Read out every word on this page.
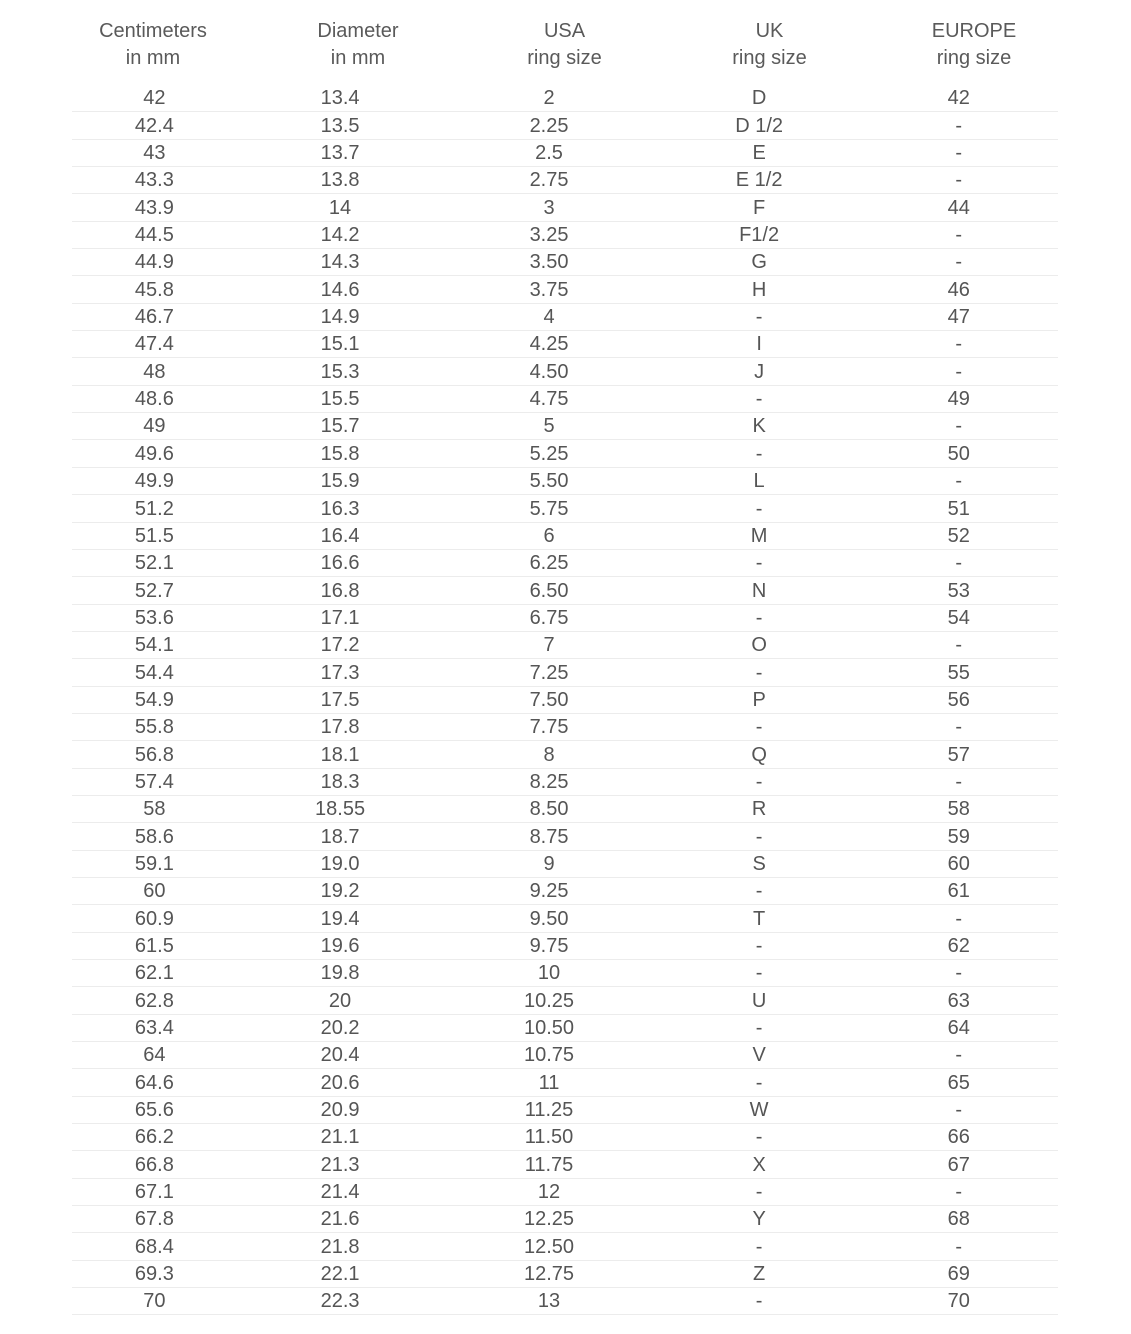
Centimeters
in mm
Diameter
in mm
USA
ring size
UK
ring size
EUROPE
ring size
42	13.4	2	D	42
42.4	13.5	2.25	D 1/2	-
43	13.7	2.5	E	-
43.3	13.8	2.75	E 1/2	-
43.9	14	3	F	44
44.5	14.2	3.25	F1/2	-
44.9	14.3	3.50	G	-
45.8	14.6	3.75	H	46
46.7	14.9	4	-	47
47.4	15.1	4.25	I	-
48	15.3	4.50	J	-
48.6	15.5	4.75	-	49
49	15.7	5	K	-
49.6	15.8	5.25	-	50
49.9	15.9	5.50	L	-
51.2	16.3	5.75	-	51
51.5	16.4	6	M	52
52.1	16.6	6.25	-	-
52.7	16.8	6.50	N	53
53.6	17.1	6.75	-	54
54.1	17.2	7	O	-
54.4	17.3	7.25	-	55
54.9	17.5	7.50	P	56
55.8	17.8	7.75	-	-
56.8	18.1	8	Q	57
57.4	18.3	8.25	-	-
58	18.55	8.50	R	58
58.6	18.7	8.75	-	59
59.1	19.0	9	S	60
60	19.2	9.25	-	61
60.9	19.4	9.50	T	-
61.5	19.6	9.75	-	62
62.1	19.8	10	-	-
62.8	20	10.25	U	63
63.4	20.2	10.50	-	64
64	20.4	10.75	V	-
64.6	20.6	11	-	65
65.6	20.9	11.25	W	-
66.2	21.1	11.50	-	66
66.8	21.3	11.75	X	67
67.1	21.4	12	-	-
67.8	21.6	12.25	Y	68
68.4	21.8	12.50	-	-
69.3	22.1	12.75	Z	69
70	22.3	13	-	70
